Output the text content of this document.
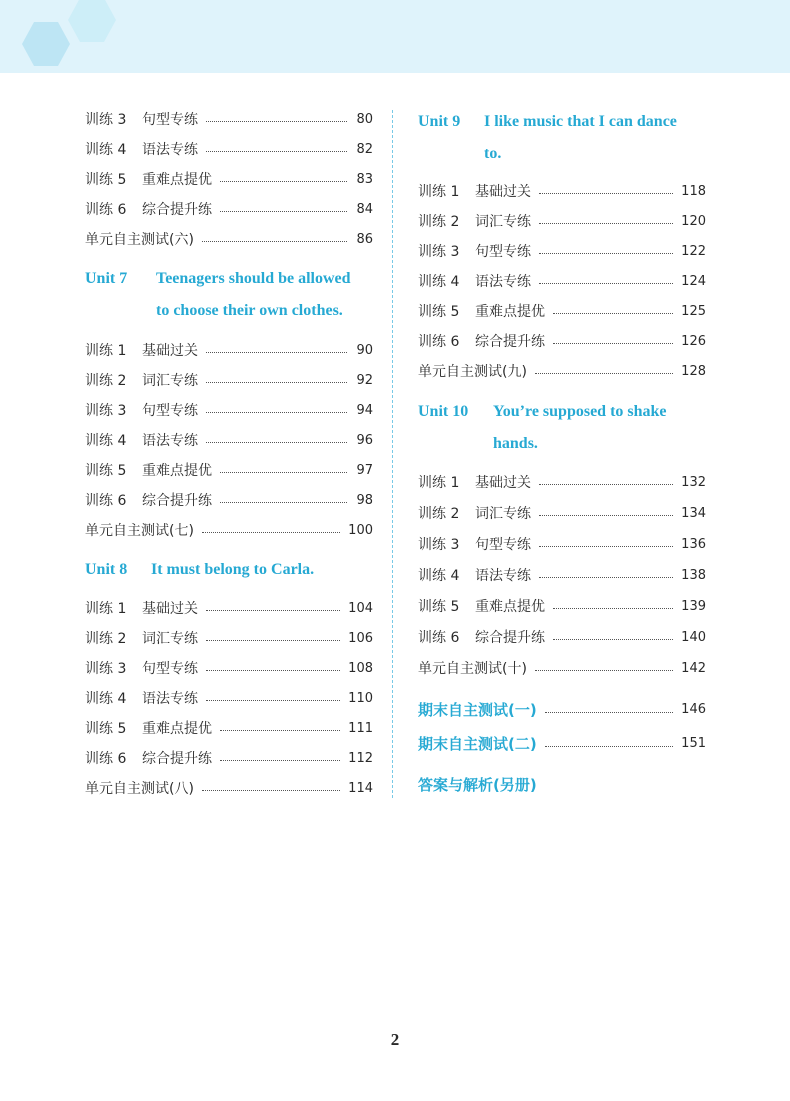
训练 3	句型专练	80
训练 4	语法专练	82
训练 5	重难点提优	83
训练 6	综合提升练	84
单元自主测试(六)	86
Unit 7 Teenagers should be allowed
to choose their own clothes.
训练 1	基础过关	90
训练 2	词汇专练	92
训练 3	句型专练	94
训练 4	语法专练	96
训练 5	重难点提优	97
训练 6	综合提升练	98
单元自主测试(七)	100
Unit 8 It must belong to Carla.
训练 1	基础过关	104
训练 2	词汇专练	106
训练 3	句型专练	108
训练 4	语法专练	110
训练 5	重难点提优	111
训练 6	综合提升练	112
单元自主测试(八)	114
Unit 9 I like music that I can dance
to.
训练 1	基础过关	118
训练 2	词汇专练	120
训练 3	句型专练	122
训练 4	语法专练	124
训练 5	重难点提优	125
训练 6	综合提升练	126
单元自主测试(九)	128
Unit 10 You’re supposed to shake
hands.
训练 1	基础过关	132
训练 2	词汇专练	134
训练 3	句型专练	136
训练 4	语法专练	138
训练 5	重难点提优	139
训练 6	综合提升练	140
单元自主测试(十)	142
期末自主测试(一)	146
期末自主测试(二)	151
答案与解析(另册)
2
